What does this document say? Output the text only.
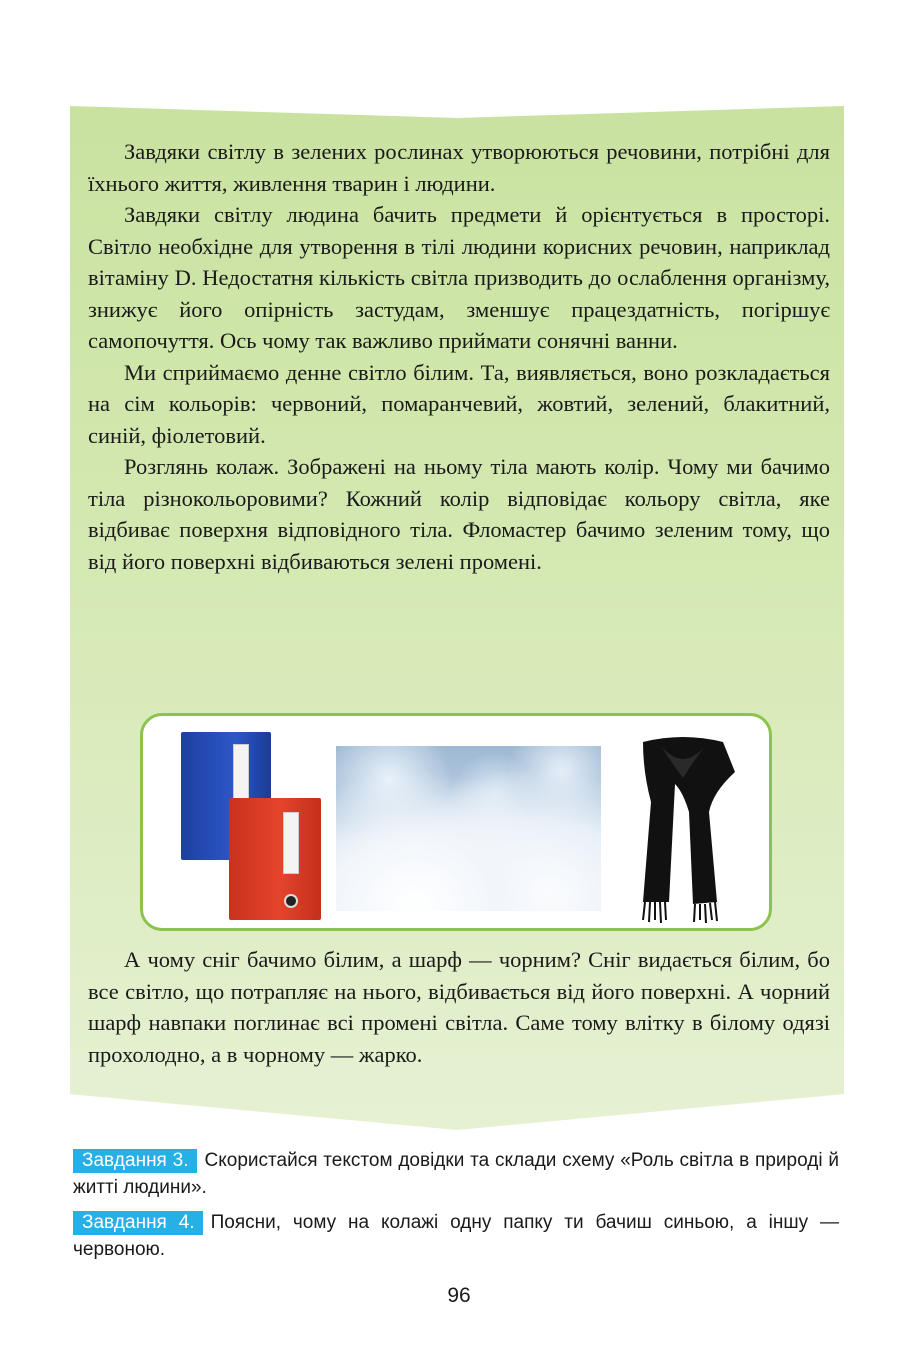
Завдяки світлу в зелених рослинах утворюються речовини, потрібні для їхнього життя, живлення тварин і людини.

Завдяки світлу людина бачить предмети й орієнтується в просторі. Світло необхідне для утворення в тілі людини корисних речовин, наприклад вітаміну D. Недостатня кількість світла призводить до ослаблення організму, знижує його опірність застудам, зменшує працездатність, погіршує самопочуття. Ось чому так важливо приймати сонячні ванни.

Ми сприймаємо денне світло білим. Та, виявляється, воно розкладається на сім кольорів: червоний, помаранчевий, жовтий, зелений, блакитний, синій, фіолетовий.

Розглянь колаж. Зображені на ньому тіла мають колір. Чому ми бачимо тіла різнокольоровими? Кожний колір відповідає кольору світла, яке відбиває поверхня відповідного тіла. Фломастер бачимо зеленим тому, що від його поверхні відбиваються зелені промені.

А чому сніг бачимо білим, а шарф — чорним? Сніг видається білим, бо все світло, що потрапляє на нього, відбивається від його поверхні. А чорний шарф навпаки поглинає всі промені світла. Саме тому влітку в білому одязі прохолодно, а в чорному — жарко.

Завдання 3. Скористайся текстом довідки та склади схему «Роль світла в природі й житті людини».
Завдання 4. Поясни, чому на колажі одну папку ти бачиш синьою, а іншу — червоною.
96
